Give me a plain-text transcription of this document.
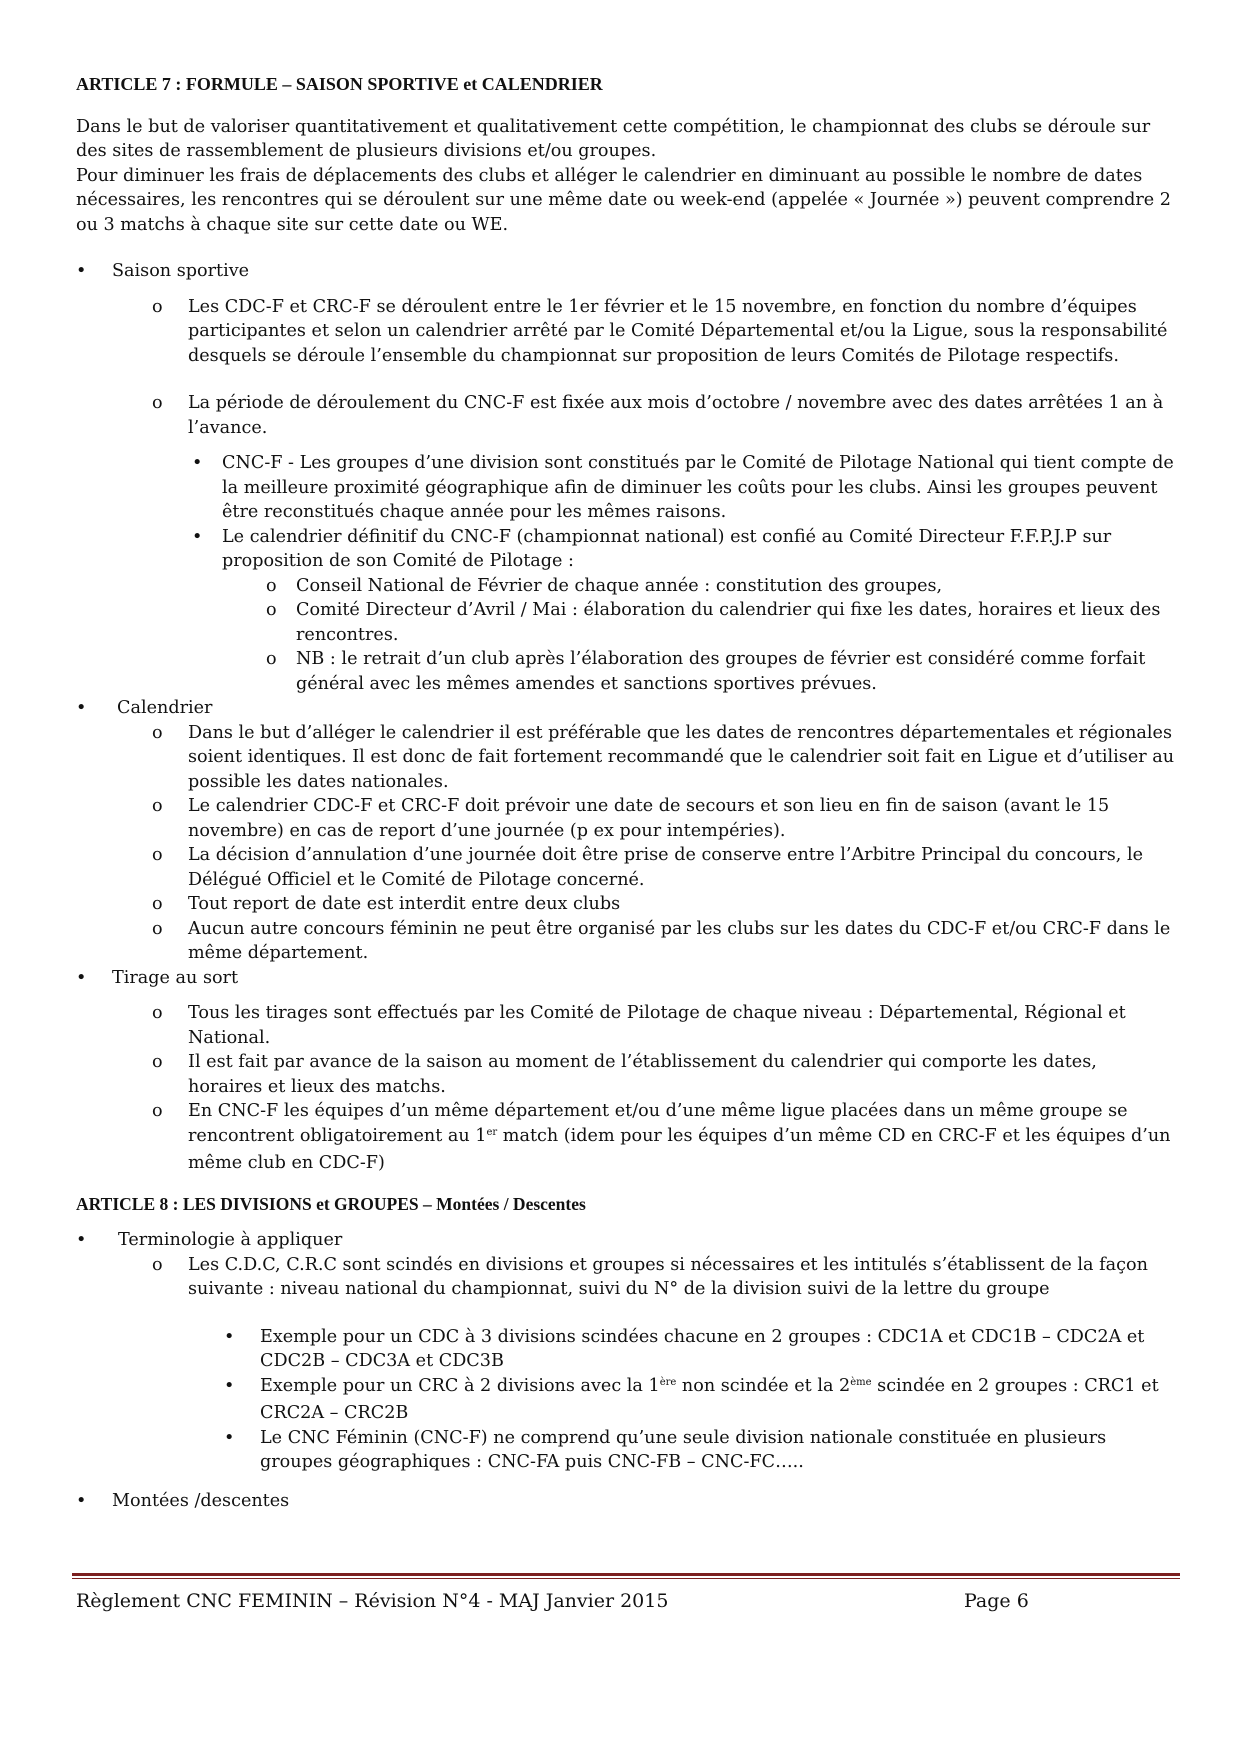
ARTICLE 7 : FORMULE – SAISON SPORTIVE et CALENDRIER

Dans le but de valoriser quantitativement et qualitativement cette compétition, le championnat des clubs se déroule sur des sites de rassemblement de plusieurs divisions et/ou groupes.

Pour diminuer les frais de déplacements des clubs et alléger le calendrier en diminuant au possible le nombre de dates nécessaires, les rencontres qui se déroulent sur une même date ou week-end (appelée « Journée ») peuvent comprendre 2 ou 3 matchs à chaque site sur cette date ou WE.

• Saison sportive

o Les CDC-F et CRC-F se déroulent entre le 1er février et le 15 novembre, en fonction du nombre d’équipes participantes et selon un calendrier arrêté par le Comité Départemental et/ou la Ligue, sous la responsabilité desquels se déroule l’ensemble du championnat sur proposition de leurs Comités de Pilotage respectifs.

o La période de déroulement du CNC-F est fixée aux mois d’octobre / novembre avec des dates arrêtées 1 an à l’avance.

• CNC-F - Les groupes d’une division sont constitués par le Comité de Pilotage National qui tient compte de la meilleure proximité géographique afin de diminuer les coûts pour les clubs. Ainsi les groupes peuvent être reconstitués chaque année pour les mêmes raisons.

• Le calendrier définitif du CNC-F (championnat national) est confié au Comité Directeur F.F.P.J.P sur proposition de son Comité de Pilotage :

o Conseil National de Février de chaque année : constitution des groupes,

o Comité Directeur d’Avril / Mai : élaboration du calendrier qui fixe les dates, horaires et lieux des rencontres.

o NB : le retrait d’un club après l’élaboration des groupes de février est considéré comme forfait général avec les mêmes amendes et sanctions sportives prévues.

• Calendrier

o Dans le but d’alléger le calendrier il est préférable que les dates de rencontres départementales et régionales soient identiques. Il est donc de fait fortement recommandé que le calendrier soit fait en Ligue et d’utiliser au possible les dates nationales.

o Le calendrier CDC-F et CRC-F doit prévoir une date de secours et son lieu en fin de saison (avant le 15 novembre) en cas de report d’une journée (p ex pour intempéries).

o La décision d’annulation d’une journée doit être prise de conserve entre l’Arbitre Principal du concours, le Délégué Officiel et le Comité de Pilotage concerné.

o Tout report de date est interdit entre deux clubs

o Aucun autre concours féminin ne peut être organisé par les clubs sur les dates du CDC-F et/ou CRC-F dans le même département.

• Tirage au sort

o Tous les tirages sont effectués par les Comité de Pilotage de chaque niveau : Départemental, Régional et National.

o Il est fait par avance de la saison au moment de l’établissement du calendrier qui comporte les dates, horaires et lieux des matchs.

o En CNC-F les équipes d’un même département et/ou d’une même ligue placées dans un même groupe se rencontrent obligatoirement au 1er match (idem pour les équipes d’un même CD en CRC-F et les équipes d’un même club en CDC-F)

ARTICLE 8 : LES DIVISIONS et GROUPES – Montées / Descentes

• Terminologie à appliquer

o Les C.D.C, C.R.C sont scindés en divisions et groupes si nécessaires et les intitulés s’établissent de la façon suivante : niveau national du championnat, suivi du N° de la division suivi de la lettre du groupe

• Exemple pour un CDC à 3 divisions scindées chacune en 2 groupes : CDC1A et CDC1B – CDC2A et CDC2B – CDC3A et CDC3B

• Exemple pour un CRC à 2 divisions avec la 1ère non scindée et la 2ème scindée en 2 groupes : CRC1 et CRC2A – CRC2B

• Le CNC Féminin (CNC-F) ne comprend qu’une seule division nationale constituée en plusieurs groupes géographiques : CNC-FA puis CNC-FB – CNC-FC…..

• Montées /descentes

Règlement CNC FEMININ – Révision N°4 - MAJ Janvier 2015	Page 6
